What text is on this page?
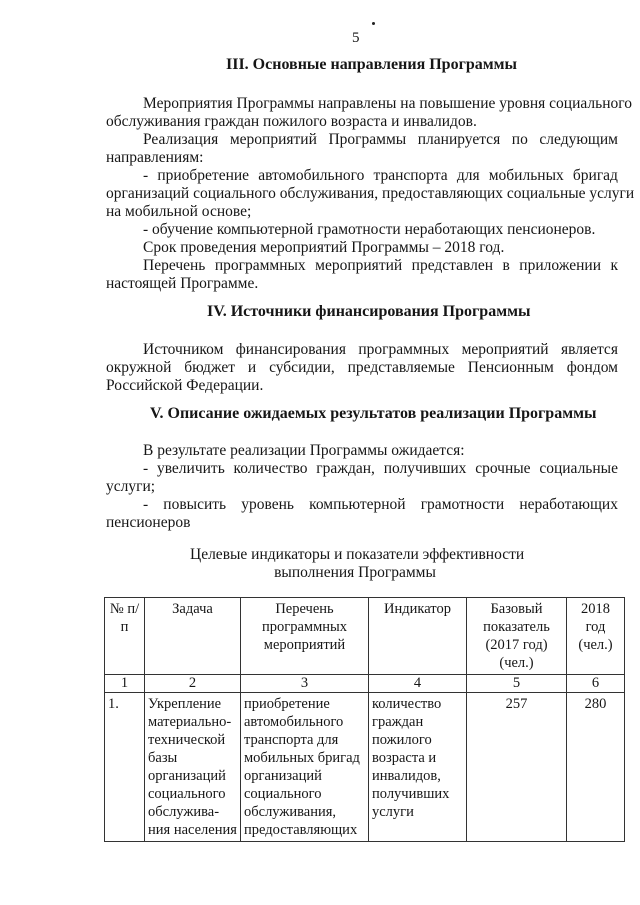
5
III. Основные направления Программы
Мероприятия Программы направлены на повышение уровня социального
обслуживания граждан пожилого возраста и инвалидов.
Реализация мероприятий Программы планируется по следующим
направлениям:
- приобретение автомобильного транспорта для мобильных бригад
организаций социального обслуживания, предоставляющих социальные услуги
на мобильной основе;
- обучение компьютерной грамотности неработающих пенсионеров.
Срок проведения мероприятий Программы – 2018 год.
Перечень программных мероприятий представлен в приложении к
настоящей Программе.
IV. Источники финансирования Программы
Источником финансирования программных мероприятий является
окружной бюджет и субсидии, представляемые Пенсионным фондом
Российской Федерации.
V. Описание ожидаемых результатов реализации Программы
В результате реализации Программы ожидается:
- увеличить количество граждан, получивших срочные социальные
услуги;
- повысить уровень компьютерной грамотности неработающих
пенсионеров
Целевые индикаторы и показатели эффективности
выполнения Программы
№ п/п	Задача	Перечень программных мероприятий	Индикатор	Базовый показатель (2017 год) (чел.)	2018 год (чел.)
1	2	3	4	5	6
1.	Укрепление материально-технической базы организаций социального обслужива-ния населения	приобретение автомобильного транспорта для мобильных бригад организаций социального обслуживания, предоставляющих	количество граждан пожилого возраста и инвалидов, получивших услуги	257	280
